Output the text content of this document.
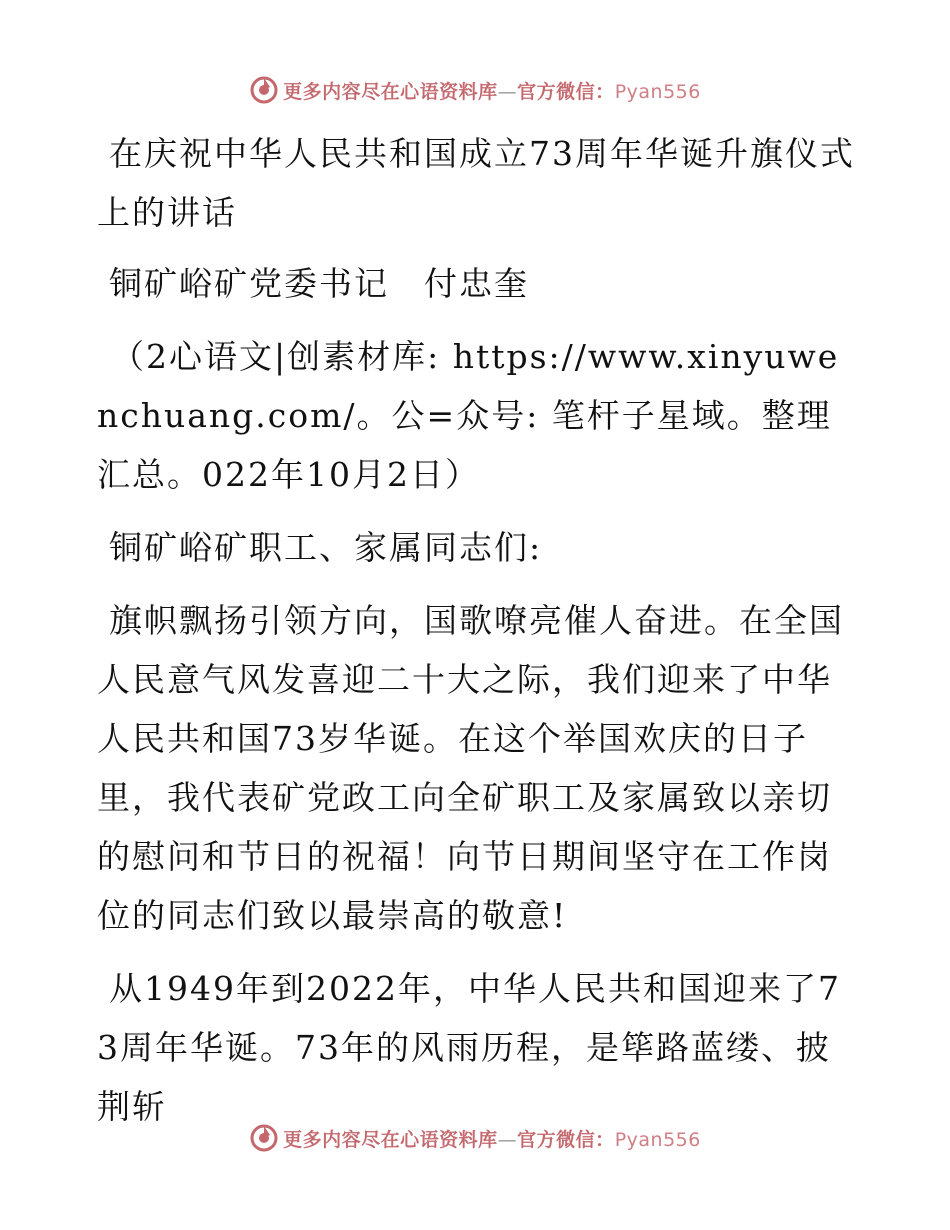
更多内容尽在心语资料库—官方微信：Pyan556

在庆祝中华人民共和国成立73周年华诞升旗仪式上的讲话

铜矿峪矿党委书记　付忠奎

（2心语文|创素材库: https://www.xinyuwenchuang.com/。公=众号: 笔杆子星域。整理汇总。022年10月2日）

铜矿峪矿职工、家属同志们:

旗帜飘扬引领方向，国歌嘹亮催人奋进。在全国人民意气风发喜迎二十大之际，我们迎来了中华人民共和国73岁华诞。在这个举国欢庆的日子里，我代表矿党政工向全矿职工及家属致以亲切的慰问和节日的祝福！向节日期间坚守在工作岗位的同志们致以最崇高的敬意!

从1949年到2022年，中华人民共和国迎来了73周年华诞。73年的风雨历程，是筚路蓝缕、披荆斩

更多内容尽在心语资料库—官方微信：Pyan556
